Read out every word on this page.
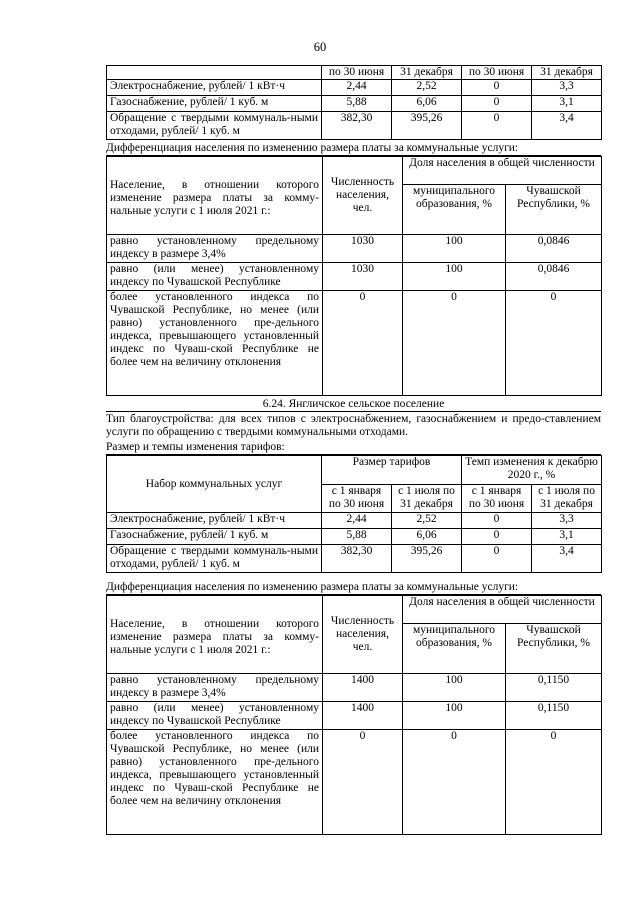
60
	по 30 июня	31 декабря	по 30 июня	31 декабря
Электроснабжение, рублей/ 1 кВт·ч	2,44	2,52	0	3,3
Газоснабжение, рублей/ 1 куб. м	5,88	6,06	0	3,1
Обращение с твердыми коммуналь-ными отходами, рублей/ 1 куб. м	382,30	395,26	0	3,4
Дифференциация населения по изменению размера платы за коммунальные услуги:
Население, в отношении которого изменение размера платы за комму-нальные услуги с 1 июля 2021 г.:	Численность населения, чел.	Доля населения в общей численности	
		муниципального образования, %	Чувашской Республики, %
равно установленному предельному индексу в размере 3,4%	1030	100	0,0846
равно (или менее) установленному индексу по Чувашской Республике	1030	100	0,0846
более установленного индекса по Чувашской Республике, но менее (или равно) установленного пре-дельного индекса, превышающего установленный индекс по Чуваш-ской Республике не более чем на величину отклонения	0	0	0
6.24. Янгличское сельское поселение
Тип благоустройства: для всех типов с электроснабжением, газоснабжением и предо-ставлением услуги по обращению с твердыми коммунальными отходами.
Размер и темпы изменения тарифов:
Набор коммунальных услуг	Размер тарифов		Темп изменения к декабрю 2020 г., %	
	с 1 января по 30 июня	с 1 июля по 31 декабря	с 1 января по 30 июня	с 1 июля по 31 декабря
Электроснабжение, рублей/ 1 кВт·ч	2,44	2,52	0	3,3
Газоснабжение, рублей/ 1 куб. м	5,88	6,06	0	3,1
Обращение с твердыми коммуналь-ными отходами, рублей/ 1 куб. м	382,30	395,26	0	3,4
Дифференциация населения по изменению размера платы за коммунальные услуги:
Население, в отношении которого изменение размера платы за комму-нальные услуги с 1 июля 2021 г.:	Численность населения, чел.	Доля населения в общей численности	
		муниципального образования, %	Чувашской Республики, %
равно установленному предельному индексу в размере 3,4%	1400	100	0,1150
равно (или менее) установленному индексу по Чувашской Республике	1400	100	0,1150
более установленного индекса по Чувашской Республике, но менее (или равно) установленного пре-дельного индекса, превышающего установленный индекс по Чуваш-ской Республике не более чем на величину отклонения	0	0	0
